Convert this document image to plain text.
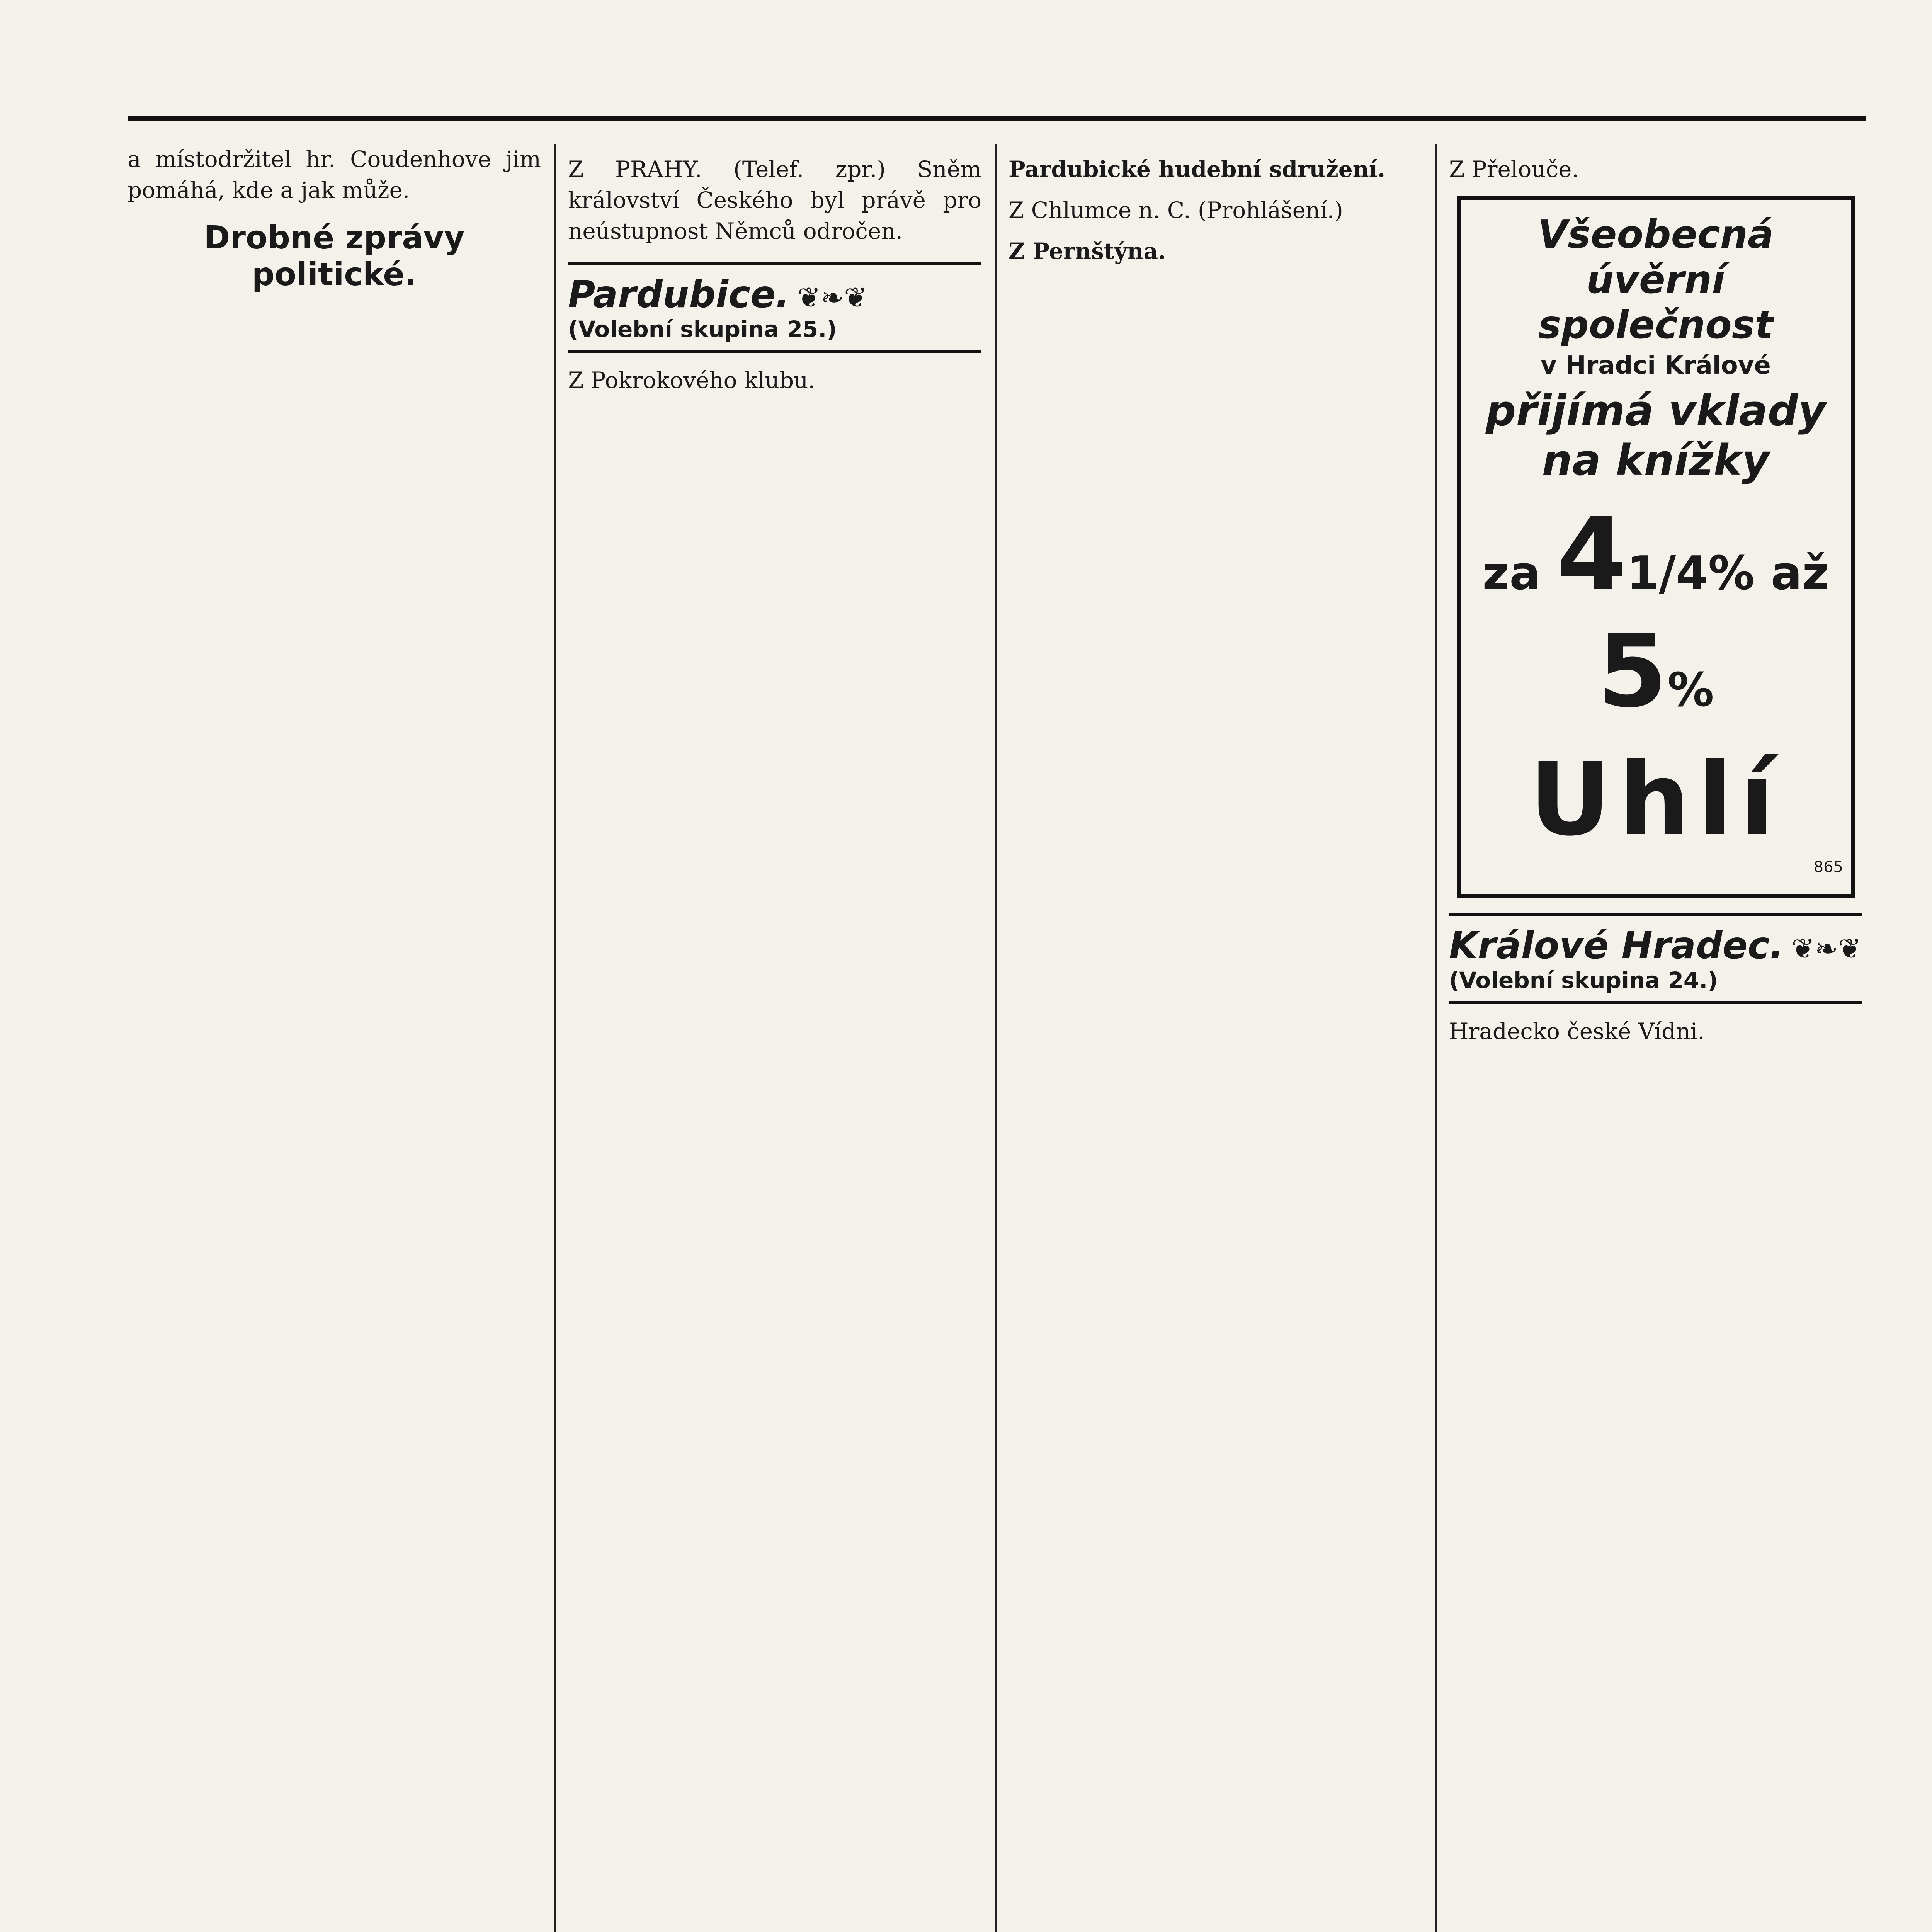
a místodržitel hr. Coudenhove jim pomáhá, kde a jak může.

Drobné zprávy politické.

Z PRAHY. (Telef. zpr.) Sněm království Českého byl právě pro neústupnost Němců odročen.

Pardubice. ❦❧❦
(Volební skupina 25.)

Z Pokrokového klubu.

Pardubické hudební sdružení.

Z Chlumce n. C. (Prohlášení.)

Z Pernštýna.

Z Přelouče.

Všeobecná úvěrní společnost
v Hradci Králové
přijímá vklady na knížky
za 41/4% až 5%
Uhlí
865
Králové Hradec. ❦❧❦
(Volební skupina 24.)

Hradecko české Vídni.
